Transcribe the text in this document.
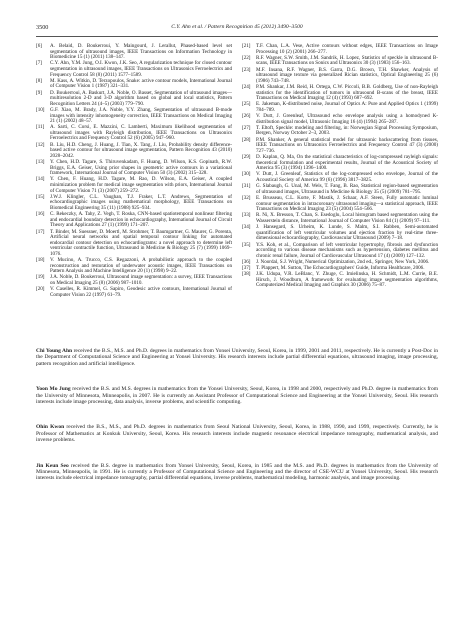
3500	C.Y. Ahn et al. / Pattern Recognition 45 (2012) 3490–3500
[6]	A. Belaid, D. Boukerroui, Y. Maingourd, J. Lerallut, Phased-based level set segmentation of ultrasound images, IEEE Transactions on Information Technology in Biomedicine 15 (1) (2011) 138–147.
[7]	C.Y. Ahn, Y.M. Jung, O.I. Kwon, J.K. Seo, A regularization technique for closed contour segmentation in ultrasound images, IEEE Transactions on Ultrasonics Ferroelectrics and Frequency Control 58 (8) (2011) 1577–1589.
[8]	M. Kass, A. Witkin, D. Terzopoulos, Snake: active contour models, International Journal of Computer Vision 1 (1987) 321–331.
[9]	D. Boukerroui, A. Baskurt, J.A. Noble, O. Basset, Segmentation of ultrasound images—multiresolution 2-D and 3-D algorithm based on global and local statistics, Pattern Recognition Letters 24 (4–5) (2003) 779–790.
[10]	G.F. Xiao, M. Brady, J.A. Noble, Y.Y. Zhang, Segmentation of ultrasound B-mode images with intensity inhomogeneity correction, IEEE Transactions on Medical Imaging 21 (1) (2002) 48–57.
[11]	A. Sarti, C. Corsi, E. Mazzini, C. Lamberti, Maximum likelihood segmentation of ultrasound images with Rayleigh distribution, IEEE Transactions on Ultrasonics Ferroelectrics and Frequency Control 52 (6) (2005) 947–960.
[12]	B. Liu, H.D. Cheng, J. Huang, J. Tian, X. Tang, J. Liu, Probability density difference-based active contour for ultrasound image segmentation, Pattern Recognition 43 (2010) 2028–2042.
[13]	Y. Chen, H.D. Tagare, S. Thiruvenkadam, F. Huang, D. Wilson, K.S. Gopinath, R.W. Briggs, E.A. Geiser, Using prior shapes in geometric active contours in a variational framework, International Journal of Computer Vision 50 (3) (2002) 315–328.
[14]	Y. Chen, F. Huang, H.D. Tagare, M. Rao, D. Wilson, E.A. Geiser, A coupled minimization problem for medical image segmentation with priors, International Journal of Computer Vision 71 (3) (2007) 259–272.
[15]	J.W.J. Klingler, C.L. Vaughan, T.J. Fraker, L.T. Andrews, Segmentation of echocardiographic images using mathematical morphology, IEEE Transactions on Biomedical Engineering 35 (11) (1988) 925–934.
[16]	C. Rekeczky, A. Tahy, Z. Vegh, T. Roska, CNN-based spatiotemporal nonlinear filtering and endocardial boundary detection in echocardiography, International Journal of Circuit Theory and Applications 27 (1) (1999) 171–207.
[17]	T. Binder, M. Suessner, D. Moertl, M. Strohmer, T. Baumgartner, G. Maurer, G. Porenta, Artificial neural networks and spatial temporal contour linking for automated endocardial contour detection on echocardiograms: a novel approach to determine left ventricular contractile function, Ultrasound in Medicine & Biology 25 (7) (1999) 1069–1076.
[18]	V. Mucino, A. Trucco, C.S. Regazzoni, A probabilistic approach to the coupled reconstruction and restoration of underwater acoustic images, IEEE Transactions on Pattern Analysis and Machine Intelligence 20 (1) (1998) 9–22.
[19]	J.A. Noble, D. Boukerroui, Ultrasound image segmentation: a survey, IEEE Transactions on Medical Imaging 25 (8) (2006) 987–1010.
[20]	V. Caselles, R. Kimmel, G. Sapiro, Geodesic active contours, International Journal of Computer Vision 22 (1997) 61–79.
[21]	T.F. Chan, L.A. Vese, Active contours without edges, IEEE Transactions on Image Processing 10 (2) (2001) 266–277.
[22]	R.F. Wagner, S.W. Smith, J.M. Sandrik, H. Lopez, Statistics of speckle in ultrasound B-scans, IEEE Transactions on Sonics and Ultrasonics 30 (3) (1983) 156–163.
[23]	M.F. Insana, R.F. Wagner, B.S. Garra, D.G. Brown, T.H. Shawker, Analysis of ultrasound image texture via generalized Rician statistics, Optical Engineering 25 (6) (1986) 743–748.
[24]	P.M. Shankar, J.M. Reid, H. Ortega, C.W. Piccoli, B.B. Goldberg, Use of non-Rayleigh statistics for the identification of tumors in ultrasound B-scans of the breast, IEEE Transactions on Medical Imaging 12 (4) (1993) 687–692.
[25]	E. Jakeman, K-distributed noise, Journal of Optics A: Pure and Applied Optics 1 (1999) 784–789.
[26]	V. Dutt, J. Greenleaf, Ultrasound echo envelope analysis using a homodyned K-distribution signal model, Ultrasonic Imaging 16 (4) (1994) 265–287.
[27]	T. Eltoft, Speckle: modeling and filtering, in: Norwegian Signal Processing Symposium, Bergen, Norway October 2–3, 2003.
[28]	P.M. Shanker, A general statistical model for ultrasonic backscattering from tissues, IEEE Transactions on Ultrasonics Ferroelectrics and Frequency Control 47 (3) (2000) 727–736.
[29]	D. Kaplan, Q. Ma, On the statistical characteristics of log-compressed rayleigh signals: theoretical formulation and experimental results, Journal of the Acoustical Society of America 95 (3) (1994) 1396–1400.
[30]	V. Dutt, J. Greenleaf, Statistics of the log-compressed echo envelope, Journal of the Acoustical Society of America 99 (6) (1996) 3817–3825.
[31]	G. Slabaugh, G. Unal, M. Wels, T. Fang, B. Rao, Statistical region-based segmentation of ultrasound images, Ultrasound in Medicine & Biology 35 (5) (2009) 781–795.
[32]	E. Brusseau, C.L. Korte, F. Mastik, J. Schaar, A.F. Steen, Fully automatic luminal contour segmentation in intracoronary ultrasound imaging—a statistical approach, IEEE Transactions on Medical Imaging 23 (5) (2004) 554–566.
[33]	R. Ni, X. Bresson, T. Chan, S. Esedoglu, Local histogram based segmentation using the Wasserstein distance, International Journal of Computer Vision 84 (1) (2009) 97–111.
[34]	J. Hansegard, S. Urheim, K. Lunde, S. Malm, S.I. Rabben, Semi-automated quantification of left ventricular volumes and ejection fraction by real-time three-dimensional echocardiography, Cardiovascular Ultrasound (2009) 7–18.
[35]	Y.S. Koh, et al., Comparison of left ventricular hypertrophy, fibrosis and dysfunction according to various disease mechanisms such as hypertension, diabetes mellitus and chronic renal failure, Journal of Cardiovascular Ultrasound 17 (4) (2009) 127–132.
[36]	J. Noordal, S.J. Wright, Numerical Optimization, 2nd ed., Springer, New York, 2006.
[37]	T. Plappert, M. Sutton, The Echocardiographers' Guide, Informa Healthcare, 2006.
[38]	J.K. Udupa, V.R. LeBlanc, Y. Zhuge, C. Imielinska, H. Schmidt, L.M. Currie, B.E. Hirsch, J. Woodburn, A framework for evaluating image segmentation algorithms, Computerized Medical Imaging and Graphics 30 (2006) 75–87.

Chi Young Ahn received the B.S., M.S. and Ph.D. degrees in mathematics from Yonsei University, Seoul, Korea, in 1999, 2001 and 2011, respectively. He is currently a Post-Doc in the Department of Computational Science and Engineering at Yonsei University. His research interests include partial differential equations, ultrasound imaging, image processing, pattern recognition and artificial intelligence.

Yoon Mo Jung received the B.S. and M.S. degrees in mathematics from the Yonsei University, Seoul, Korea, in 1998 and 2000, respectively and Ph.D. degree in mathematics from the University of Minnesota, Minneapolis, in 2007. He is currently an Assistant Professor of Computational Science and Engineering at the Yonsei University, Seoul. His research interests include image processing, data analysis, inverse problems, and scientific computing.

Ohin Kwon received the B.S., M.S., and Ph.D. degrees in mathematics from Seoul National University, Seoul, Korea, in 1988, 1990, and 1999, respectively. Currently, he is Professor of Mathematics at Konkuk University, Seoul, Korea. His research interests include magnetic resonance electrical impedance tomography, mathematical analysis, and inverse problems.

Jin Keun Seo received the B.S. degree in mathematics from Yonsei University, Seoul, Korea, in 1985 and the M.S. and Ph.D. degrees in mathematics from the University of Minnesota, Minneapolis, in 1991. He is currently a Professor of Computational Science and Engineering and the director of CSE-WCU at Yonsei University, Seoul. His research interests include electrical impedance tomography, partial differential equations, inverse problems, mathematical modeling, harmonic analysis, and image processing.
